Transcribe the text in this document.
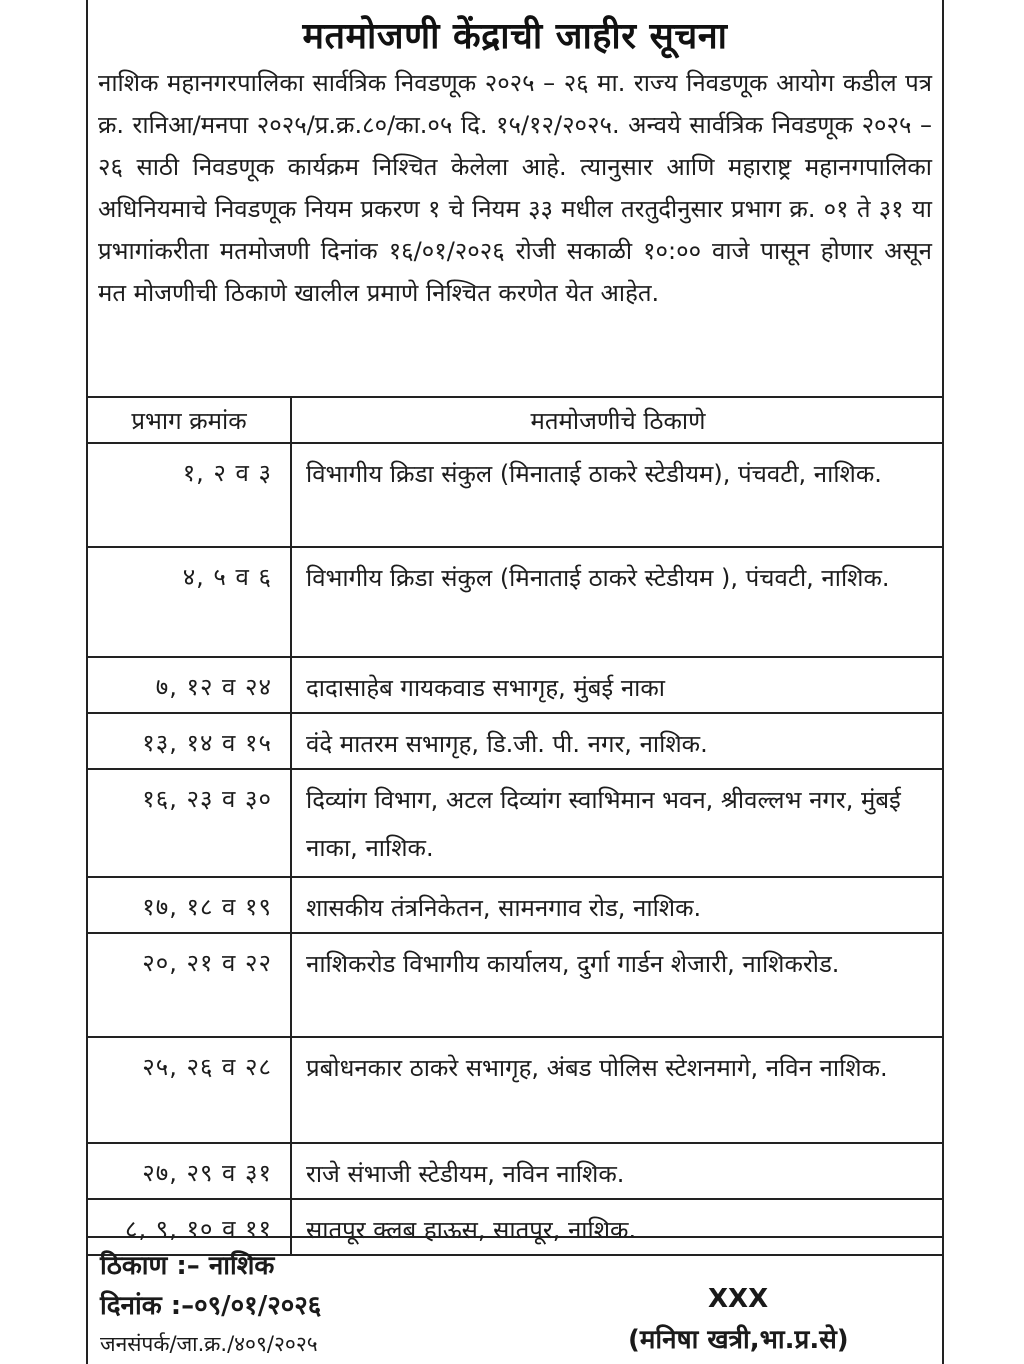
मतमोजणी केंद्राची जाहीर सूचना
नाशिक महानगरपालिका सार्वत्रिक निवडणूक २०२५ – २६ मा. राज्य निवडणूक आयोग कडील पत्र क्र. रानिआ/मनपा २०२५/प्र.क्र.८०/का.०५ दि. १५/१२/२०२५. अन्वये सार्वत्रिक निवडणूक २०२५ – २६ साठी निवडणूक कार्यक्रम निश्चित केलेला आहे. त्यानुसार आणि महाराष्ट्र महानगपालिका अधिनियमाचे निवडणूक नियम प्रकरण १ चे नियम ३३ मधील तरतुदीनुसार प्रभाग क्र. ०१ ते ३१ या प्रभागांकरीता मतमोजणी दिनांक १६/०१/२०२६ रोजी सकाळी १०:०० वाजे पासून होणार असून मत मोजणीची ठिकाणे खालील प्रमाणे निश्चित करणेत येत आहेत.
प्रभाग क्रमांक	मतमोजणीचे ठिकाणे
१, २ व ३	विभागीय क्रिडा संकुल (मिनाताई ठाकरे स्टेडीयम), पंचवटी, नाशिक.
४, ५ व ६	विभागीय क्रिडा संकुल (मिनाताई ठाकरे स्टेडीयम ), पंचवटी, नाशिक.
७, १२ व २४	दादासाहेब गायकवाड सभागृह, मुंबई नाका
१३, १४ व १५	वंदे मातरम सभागृह, डि.जी. पी. नगर, नाशिक.
१६, २३ व ३०	दिव्यांग विभाग, अटल दिव्यांग स्वाभिमान भवन, श्रीवल्लभ नगर, मुंबई नाका, नाशिक.
१७, १८ व १९	शासकीय तंत्रनिकेतन, सामनगाव रोड, नाशिक.
२०, २१ व २२	नाशिकरोड विभागीय कार्यालय, दुर्गा गार्डन शेजारी, नाशिकरोड.
२५, २६ व २८	प्रबोधनकार ठाकरे सभागृह, अंबड पोलिस स्टेशनमागे, नविन नाशिक.
२७, २९ व ३१	राजे संभाजी स्टेडीयम, नविन नाशिक.
८, ९, १० व ११	सातपूर क्लब हाऊस, सातपूर, नाशिक.
ठिकाण :– नाशिक
दिनांक :–०९/०१/२०२६
जनसंपर्क/जा.क्र./४०९/२०२५
XXX
(मनिषा खत्री,भा.प्र.से)
